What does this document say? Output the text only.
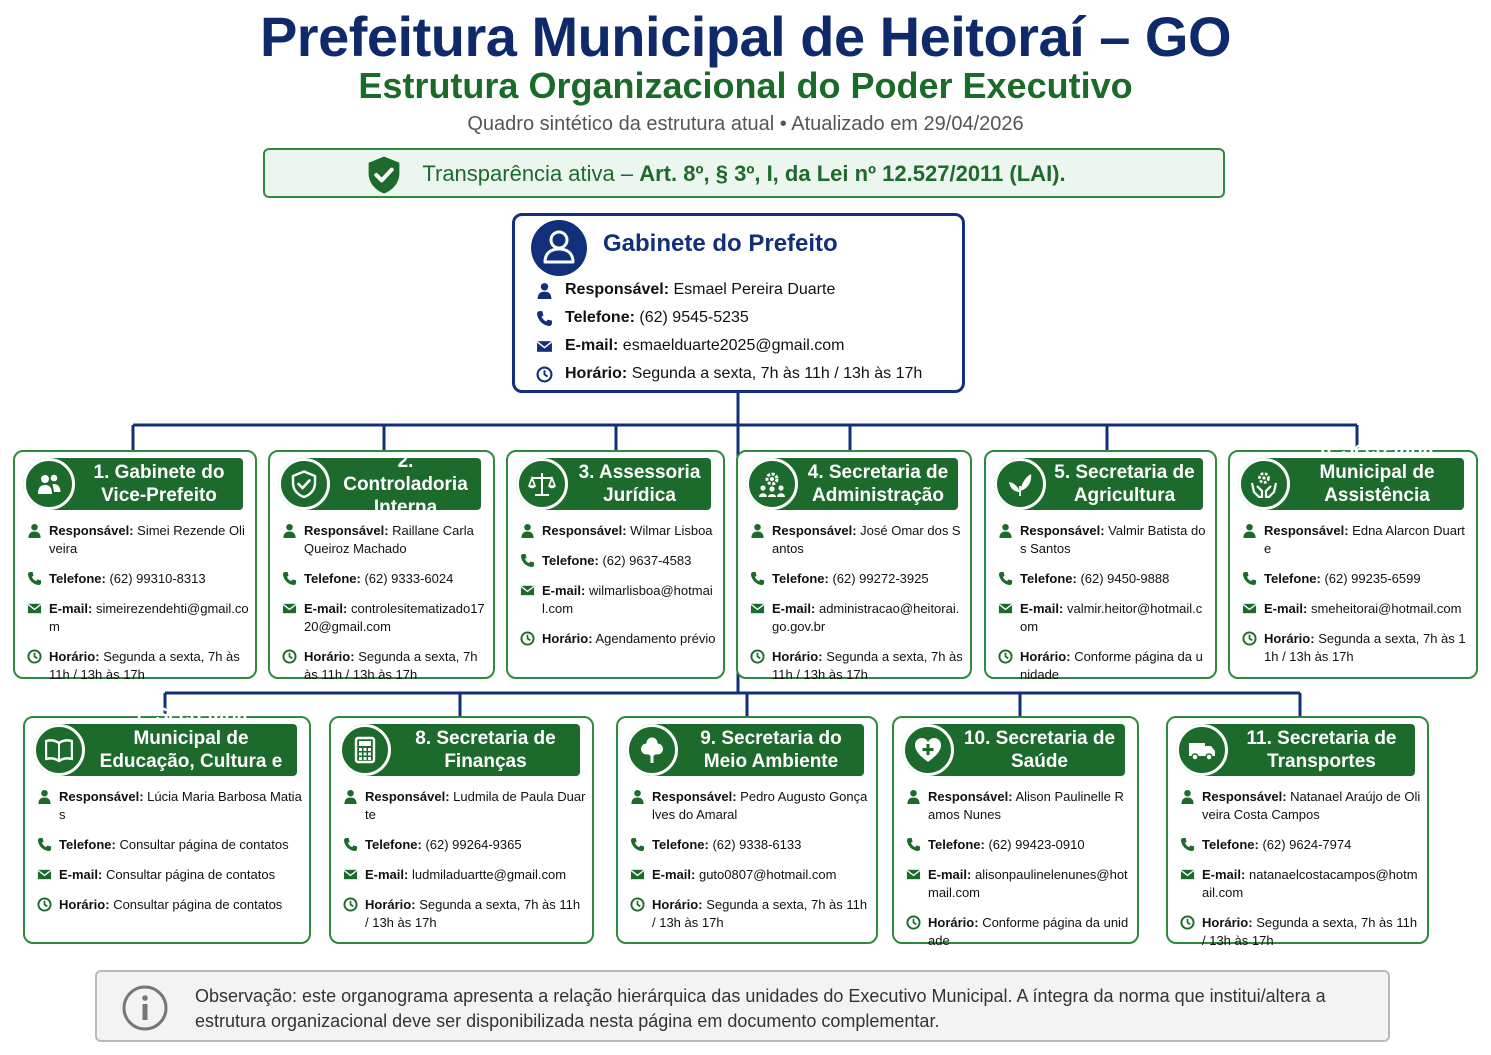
Prefeitura Municipal de Heitoraí – GO
Estrutura Organizacional do Poder Executivo
Quadro sintético da estrutura atual • Atualizado em 29/04/2026
Transparência ativa – Art. 8º, § 3º, I, da Lei nº 12.527/2011 (LAI).
Gabinete do Prefeito
Responsável:
Esmael Pereira Duarte
Telefone:
(62) 9545-5235
E-mail:
esmaelduarte2025@gmail.com
Horário:
Segunda a sexta, 7h às 11h / 13h às 17h
1. Gabinete do Vice-Prefeito
Responsável: Simei Rezende Oliveira
Telefone: (62) 99310-8313
E-mail: simeirezendehti@gmail.com
Horário: Segunda a sexta, 7h às 11h / 13h às 17h
2. Controladoria Interna
Responsável: Raillane Carla Queiroz Machado
Telefone: (62) 9333-6024
E-mail: controlesitematizado1720@gmail.com
Horário: Segunda a sexta, 7h às 11h / 13h às 17h
3. Assessoria Jurídica
Responsável: Wilmar Lisboa
Telefone: (62) 9637-4583
E-mail: wilmarlisboa@hotmail.com
Horário: Agendamento prévio
4. Secretaria de Administração
Responsável: José Omar dos Santos
Telefone: (62) 99272-3925
E-mail: administracao@heitorai.go.gov.br
Horário: Segunda a sexta, 7h às 11h / 13h às 17h
5. Secretaria de Agricultura
Responsável: Valmir Batista dos Santos
Telefone: (62) 9450-9888
E-mail: valmir.heitor@hotmail.com
Horário: Conforme página da unidade
6. Secretaria Municipal de Assistência Social
Responsável: Edna Alarcon Duarte
Telefone: (62) 99235-6599
E-mail: smeheitorai@hotmail.com
Horário: Segunda a sexta, 7h às 11h / 13h às 17h
7. Secretaria Municipal de Educação, Cultura e Desporto
Responsável: Lúcia Maria Barbosa Matias
Telefone: Consultar página de contatos
E-mail: Consultar página de contatos
Horário: Consultar página de contatos
8. Secretaria de Finanças
Responsável: Ludmila de Paula Duarte
Telefone: (62) 99264-9365
E-mail: ludmiladuartte@gmail.com
Horário: Segunda a sexta, 7h às 11h / 13h às 17h
9. Secretaria do Meio Ambiente
Responsável: Pedro Augusto Gonçalves do Amaral
Telefone: (62) 9338-6133
E-mail: guto0807@hotmail.com
Horário: Segunda a sexta, 7h às 11h / 13h às 17h
10. Secretaria de Saúde
Responsável: Alison Paulinelle Ramos Nunes
Telefone: (62) 99423-0910
E-mail: alisonpaulinelenunes@hotmail.com
Horário: Conforme página da unidade
11. Secretaria de Transportes
Responsável: Natanael Araújo de Oliveira Costa Campos
Telefone: (62) 9624-7974
E-mail: natanaelcostacampos@hotmail.com
Horário: Segunda a sexta, 7h às 11h / 13h às 17h
Observação: este organograma apresenta a relação hierárquica das unidades do Executivo Municipal. A íntegra da norma que institui/altera a estrutura organizacional deve ser disponibilizada nesta página em documento complementar.
